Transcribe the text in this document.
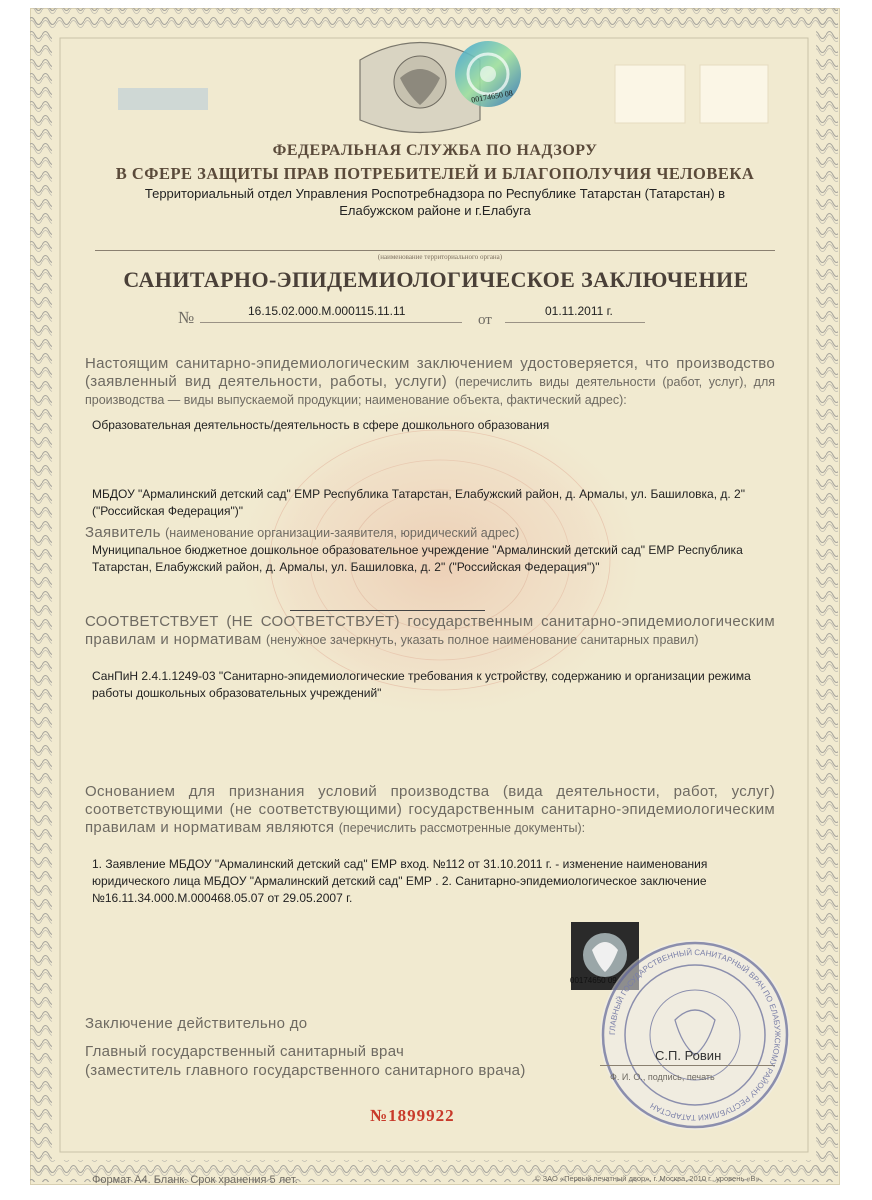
ФЕДЕРАЛЬНАЯ СЛУЖБА ПО НАДЗОРУ

В СФЕРЕ ЗАЩИТЫ ПРАВ ПОТРЕБИТЕЛЕЙ И БЛАГОПОЛУЧИЯ ЧЕЛОВЕКА

Территориальный отдел Управления Роспотребнадзора по Республике Татарстан (Татарстан) в

Елабужском районе и г.Елабуга

(наименование территориального органа)

00174650 08

САНИТАРНО-ЭПИДЕМИОЛОГИЧЕСКОЕ ЗАКЛЮЧЕНИЕ

№	16.15.02.000.М.000115.11.11

от

01.11.2011 г.

Настоящим санитарно-эпидемиологическим заключением удостоверяется, что производство (заявленный вид деятельности, работы, услуги) (перечислить виды деятельности (работ, услуг), для производства — виды выпускаемой продукции; наименование объекта, фактический адрес):

Образовательная деятельность/деятельность в сфере дошкольного образования

МБДОУ "Армалинский детский сад" ЕМР Республика Татарстан, Елабужский район, д. Армалы, ул. Башиловка, д. 2" ("Российская Федерация")"

Заявитель (наименование организации-заявителя, юридический адрес)

Муниципальное бюджетное дошкольное образовательное учреждение "Армалинский детский сад" ЕМР Республика Татарстан, Елабужский район, д. Армалы, ул. Башиловка, д. 2" ("Российская Федерация")"

СООТВЕТСТВУЕТ (НЕ СООТВЕТСТВУЕТ) государственным санитарно-эпидемиологическим правилам и нормативам (ненужное зачеркнуть, указать полное наименование санитарных правил)

СанПиН 2.4.1.1249-03 "Санитарно-эпидемиологические требования к устройству, содержанию и организации режима работы дошкольных образовательных учреждений"

Основанием для признания условий производства (вида деятельности, работ, услуг) соответствующими (не соответствующими) государственным санитарно-эпидемиологическим правилам и нормативам являются (перечислить рассмотренные документы):

1. Заявление МБДОУ "Армалинский детский сад" ЕМР вход. №112 от 31.10.2011 г. - изменение наименования юридического лица МБДОУ "Армалинский детский сад" ЕМР . 2. Санитарно-эпидемиологическое заключение №16.11.34.000.М.000468.05.07 от 29.05.2007 г.

Заключение действительно до

Главный государственный санитарный врач

(заместитель главного государственного санитарного врача)

С.П. Ровин

Ф. И. О., подпись, печать

00174650 09

№1899922

Формат А4. Бланк. Срок хранения 5 лет.	© ЗАО «Первый печатный двор», г. Москва, 2010 г., уровень «В».

ГЛАВНЫЙ ГОСУДАРСТВЕННЫЙ САНИТАРНЫЙ ВРАЧ ПО ЕЛАБУЖСКОМУ РАЙОНУ РЕСПУБЛИКИ ТАТАРСТАН
